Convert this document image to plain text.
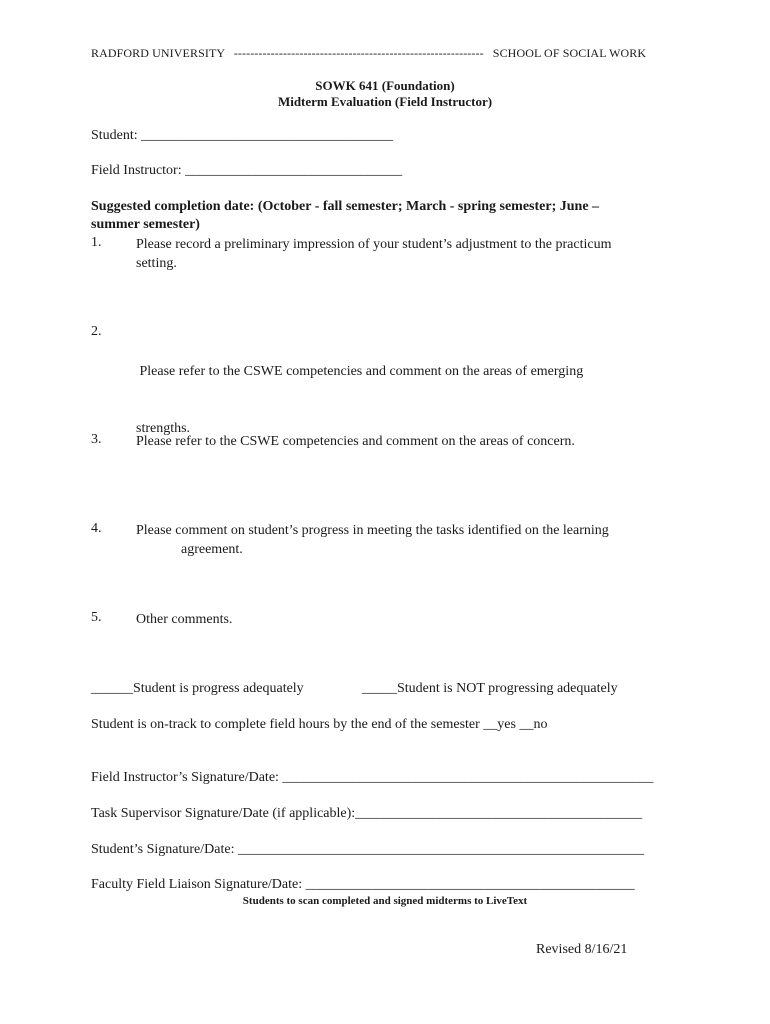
RADFORD UNIVERSITY ------------------------------------------------------------- SCHOOL OF SOCIAL WORK
SOWK 641 (Foundation)
Midterm Evaluation (Field Instructor)
Student: ____________________________________
Field Instructor: _______________________________
Suggested completion date: (October - fall semester; March - spring semester; June –
summer semester)
1. Please record a preliminary impression of your student’s adjustment to the practicum
setting.
2.

Please refer to the CSWE competencies and comment on the areas of emerging

strengths.

3. Please refer to the CSWE competencies and comment on the areas of concern.
4. Please comment on student’s progress in meeting the tasks identified on the learning
agreement.
5. Other comments.
______Student is progress adequately	_____Student is NOT progressing adequately
Student is on-track to complete field hours by the end of the semester __yes __no
Field Instructor’s Signature/Date: _____________________________________________________
Task Supervisor Signature/Date (if applicable):_________________________________________
Student’s Signature/Date: __________________________________________________________
Faculty Field Liaison Signature/Date: _______________________________________________
Students to scan completed and signed midterms to LiveText
Revised 8/16/21
